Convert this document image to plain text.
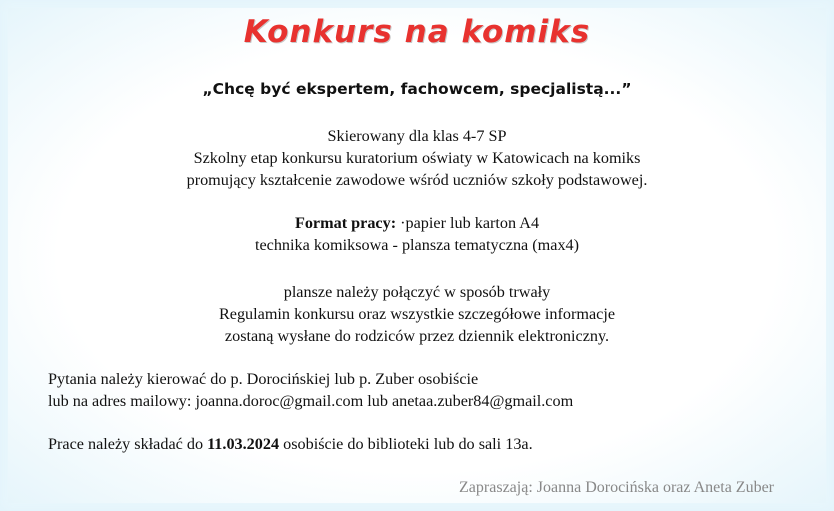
Konkurs na komiks
„Chcę być ekspertem, fachowcem, specjalistą...”
Skierowany dla klas 4-7 SP
Szkolny etap konkursu kuratorium oświaty w Katowicach na komiks
promujący kształcenie zawodowe wśród uczniów szkoły podstawowej.
Format pracy: ·papier lub karton A4
technika komiksowa - plansza tematyczna (max4)
plansze należy połączyć w sposób trwały
Regulamin konkursu oraz wszystkie szczegółowe informacje
zostaną wysłane do rodziców przez dziennik elektroniczny.
Pytania należy kierować do p. Dorocińskiej lub p. Zuber osobiście
lub na adres mailowy: joanna.doroc@gmail.com lub anetaa.zuber84@gmail.com
Prace należy składać do 11.03.2024 osobiście do biblioteki lub do sali 13a.
Zapraszają: Joanna Dorocińska oraz Aneta Zuber
